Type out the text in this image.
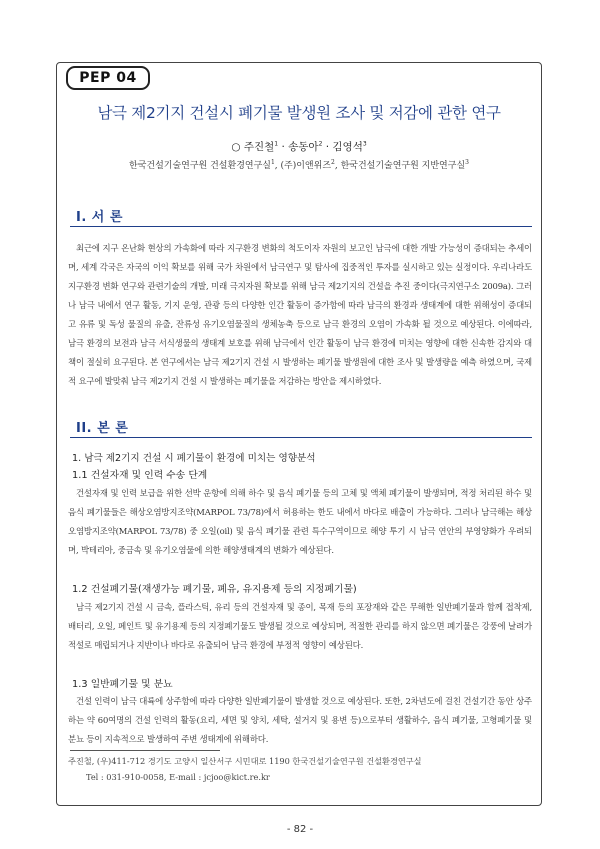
PEP 04
남극 제2기지 건설시 폐기물 발생원 조사 및 저감에 관한 연구
○ 주진철$^1$ · 송동아$^2$ · 김영석$^3$
한국건설기술연구원 건설환경연구실$^1$, (주)이앤위즈$^2$, 한국건설기술연구원 지반연구실$^3$
I. 서 론

최근에 지구 온난화 현상의 가속화에 따라 지구환경 변화의 척도이자 자원의 보고인 남극에 대한 개발 가능성이 증대되는 추세이며, 세계 각국은 자국의 이익 확보를 위해 국가 차원에서 남극연구 및 탐사에 집중적인 투자를 실시하고 있는 실정이다. 우리나라도 지구환경 변화 연구와 관련기술의 개발, 미래 극지자원 확보를 위해 남극 제2기지의 건설을 추진 중이다(극지연구소 2009a). 그러나 남극 내에서 연구 활동, 기지 운영, 관광 등의 다양한 인간 활동이 증가함에 따라 남극의 환경과 생태계에 대한 위해성이 증대되고 유류 및 독성 물질의 유출, 잔류성 유기오염물질의 생체농축 등으로 남극 환경의 오염이 가속화 될 것으로 예상된다. 이에따라, 남극 환경의 보전과 남극 서식생물의 생태계 보호를 위해 남극에서 인간 활동이 남극 환경에 미치는 영향에 대한 신속한 감지와 대책이 절실히 요구된다. 본 연구에서는 남극 제2기지 건설 시 발생하는 폐기물 발생원에 대한 조사 및 발생량을 예측 하였으며, 국제적 요구에 발맞춰 남극 제2기지 건설 시 발생하는 폐기물을 저감하는 방안을 제시하였다.

II. 본 론
1. 남극 제2기지 건설 시 폐기물이 환경에 미치는 영향분석
1.1 건설자재 및 인력 수송 단계

건설자재 및 인력 보급을 위한 선박 운항에 의해 하수 및 음식 폐기물 등의 고체 및 액체 폐기물이 발생되며, 적정 처리된 하수 및 음식 폐기물들은 해상오염방지조약(MARPOL 73/78)에서 허용하는 한도 내에서 바다로 배출이 가능하다. 그러나 남극해는 해상오염방지조약(MARPOL 73/78) 중 오일(oil) 및 음식 폐기물 관련 특수구역이므로 해양 투기 시 남극 연안의 부영양화가 우려되며, 박테리아, 중금속 및 유기오염물에 의한 해양생태계의 변화가 예상된다.

1.2 건설폐기물(재생가능 폐기물, 폐유, 유지용제 등의 지정폐기물)

남극 제2기지 건설 시 금속, 플라스틱, 유리 등의 건설자재 및 종이, 목재 등의 포장재와 같은 무해한 일반폐기물과 함께 접착제, 배터리, 오일, 페인트 및 유기용제 등의 지정폐기물도 발생될 것으로 예상되며, 적절한 관리를 하지 않으면 폐기물은 강풍에 날려가 적설로 매립되거나 지반이나 바다로 유출되어 남극 환경에 부정적 영향이 예상된다.

1.3 일반폐기물 및 분뇨

건설 인력이 남극 대륙에 상주함에 따라 다양한 일반폐기물이 발생할 것으로 예상된다. 또한, 2차년도에 걸친 건설기간 동안 상주하는 약 60여명의 건설 인력의 활동(요리, 세면 및 양치, 세탁, 설거지 및 용변 등)으로부터 생활하수, 음식 폐기물, 고형폐기물 및 분뇨 등이 지속적으로 발생하여 주변 생태계에 위해하다.

주진철, (우)411-712 경기도 고양시 일산서구 시민대로 1190 한국건설기술연구원 건설환경연구실
Tel : 031-910-0058, E-mail : jcjoo@kict.re.kr
- 82 -
